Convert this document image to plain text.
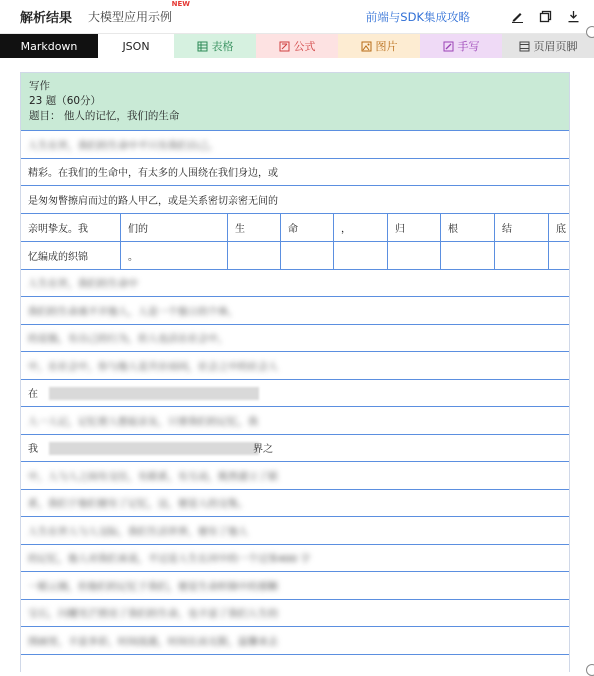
解析结果 大模型应用示例
NEW
前端与SDK集成攻略
Markdown	JSON	表格	公式	图片	手写	页眉页脚
写作
23 题（60分）
题目： 他人的记忆，我们的生命
人生在世，我们的生命中不只有我们自己。
精彩。在我们的生命中，有太多的人围绕在我们身边，或
是匆匆瞥擦肩而过的路人甲乙，或是关系密切亲密无间的
亲明挚友。我	们的	生	命	，	归	根	结	底
忆编成的织锦	。
人生在世，我们的生命中
我们的生命离不开他人，人是一个独立的个体，
的是独，有自己的行为，但人也活在社会中，
中，在社会中，你与他人是共存而同，社会之中的社会人
在
人一人记，记忆使人想起亲友，只要我们的记忆，我
我	界之
中，人与人之间有交往，有联系，有互动，既然建立了联
系，我们于他们便有了记忆，这，便是人的交集。
人生在世人与人交际，我们生活世界，便有了他人
的记忆，他人对我们来说，不过是人生长河中的一个过客400 字
一眼云烟，但他们的记忆于我们，便是生命织锦中的那颗
宝石，闪耀光芒照亮了我们的生命，也丰富了我们人生的
图画里，丰富多彩，时间流逝，时间长而无限，温馨来去
